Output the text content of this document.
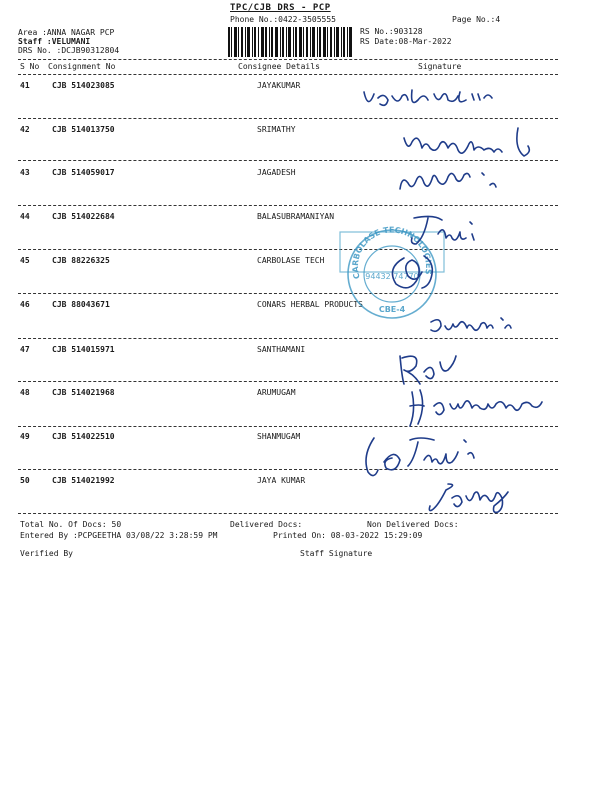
TPC/CJB DRS - PCP
Phone No.:0422-3505555	Page No.:4
RS No.:903128
RS Date:08-Mar-2022
Area :ANNA NAGAR PCP
Staff :VELUMANI
DRS No. :DCJB90312804
S No Consignment No	Consignee Details	Signature
41	CJB 514023085	JAYAKUMAR
42	CJB 514013750	SRIMATHY
43	CJB 514059017	JAGADESH
44	CJB 514022684	BALASUBRAMANIYAN
45	CJB 88226325	CARBOLASE TECH
46	CJB 88043671	CONARS HERBAL PRODUCTS
47	CJB 514015971	SANTHAMANI
48	CJB 514021968	ARUMUGAM
49	CJB 514022510	SHANMUGAM
50	CJB 514021992	JAYA KUMAR
CARBOLASE TECHNOLOGIES
94432 74770
CBE-4
Total No. Of Docs: 50	Delivered Docs:	Non Delivered Docs:
Entered By :PCPGEETHA 03/08/22 3:28:59 PM	Printed On: 08-03-2022 15:29:09
Verified By	Staff Signature
